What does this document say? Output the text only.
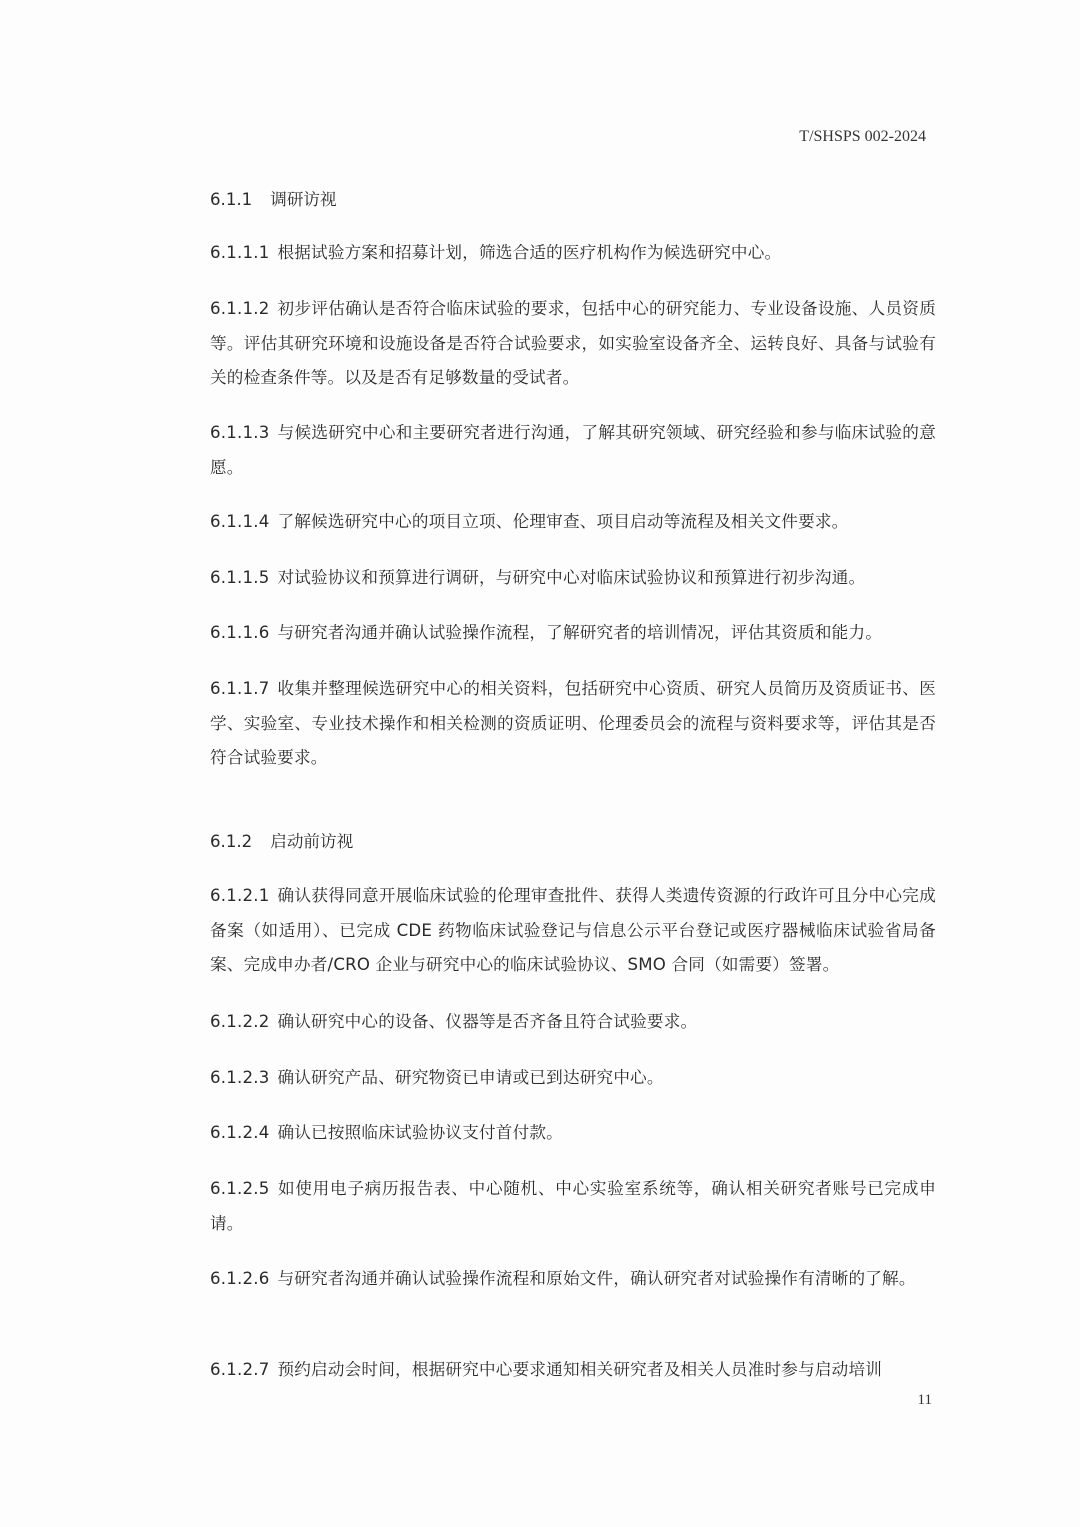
T/SHSPS 002-2024
6.1.1 调研访视
6.1.1.1 根据试验方案和招募计划，筛选合适的医疗机构作为候选研究中心。
6.1.1.2 初步评估确认是否符合临床试验的要求，包括中心的研究能力、专业设备设施、人员资质等。评估其研究环境和设施设备是否符合试验要求，如实验室设备齐全、运转良好、具备与试验有关的检查条件等。以及是否有足够数量的受试者。
6.1.1.3 与候选研究中心和主要研究者进行沟通，了解其研究领域、研究经验和参与临床试验的意愿。
6.1.1.4 了解候选研究中心的项目立项、伦理审查、项目启动等流程及相关文件要求。
6.1.1.5 对试验协议和预算进行调研，与研究中心对临床试验协议和预算进行初步沟通。
6.1.1.6 与研究者沟通并确认试验操作流程，了解研究者的培训情况，评估其资质和能力。
6.1.1.7 收集并整理候选研究中心的相关资料，包括研究中心资质、研究人员简历及资质证书、医学、实验室、专业技术操作和相关检测的资质证明、伦理委员会的流程与资料要求等，评估其是否符合试验要求。
6.1.2 启动前访视
6.1.2.1 确认获得同意开展临床试验的伦理审查批件、获得人类遗传资源的行政许可且分中心完成备案（如适用）、已完成 CDE 药物临床试验登记与信息公示平台登记或医疗器械临床试验省局备案、完成申办者/CRO 企业与研究中心的临床试验协议、SMO 合同（如需要）签署。
6.1.2.2 确认研究中心的设备、仪器等是否齐备且符合试验要求。
6.1.2.3 确认研究产品、研究物资已申请或已到达研究中心。
6.1.2.4 确认已按照临床试验协议支付首付款。
6.1.2.5 如使用电子病历报告表、中心随机、中心实验室系统等，确认相关研究者账号已完成申请。
6.1.2.6 与研究者沟通并确认试验操作流程和原始文件，确认研究者对试验操作有清晰的了解。
6.1.2.7 预约启动会时间，根据研究中心要求通知相关研究者及相关人员准时参与启动培训
11
